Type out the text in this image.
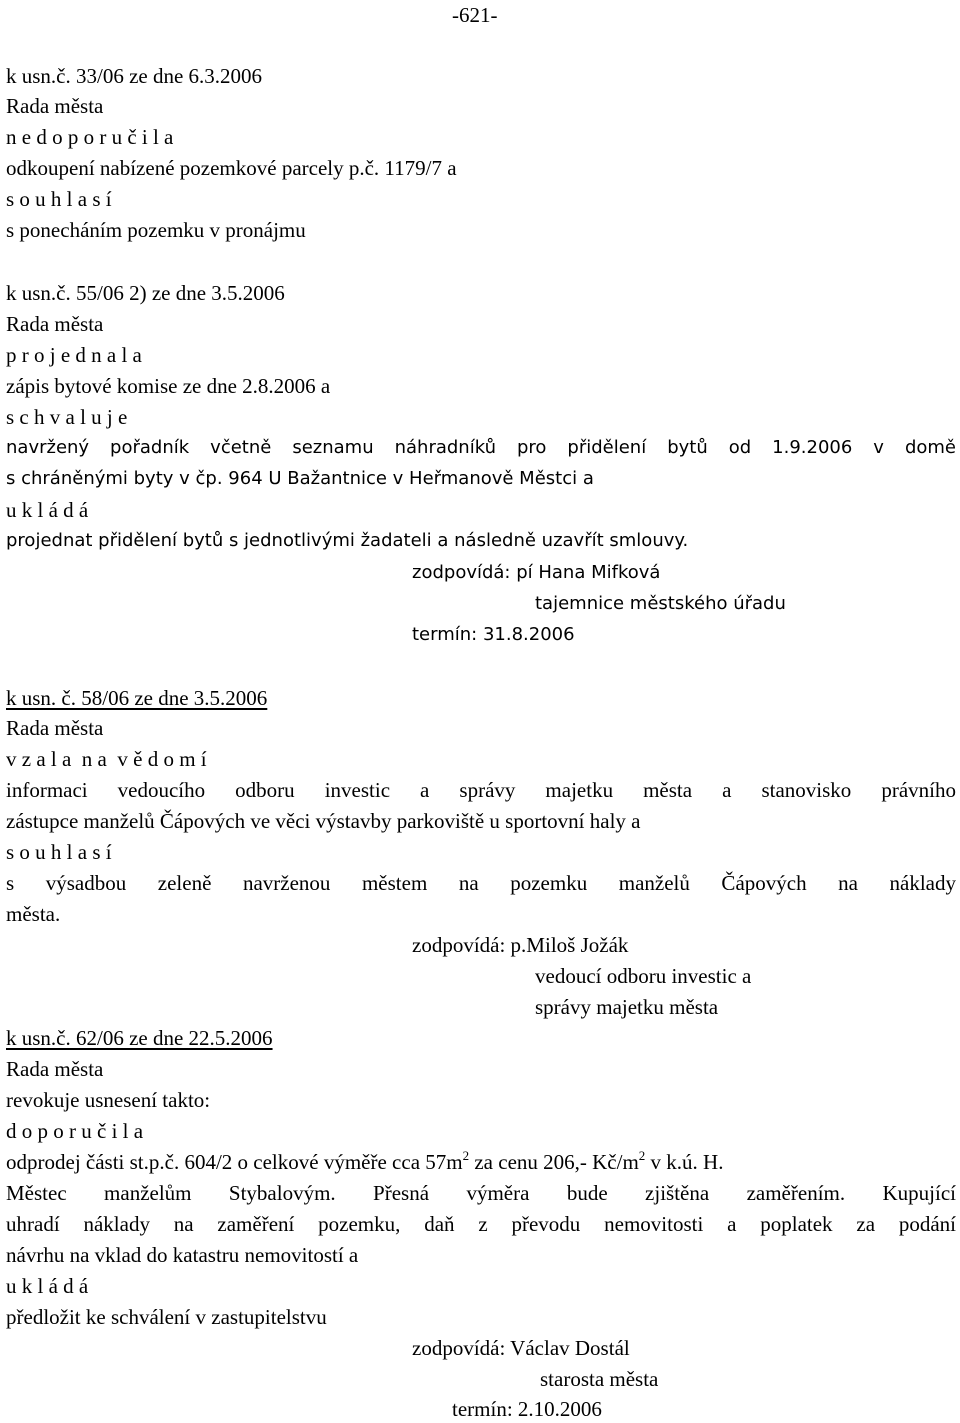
-621-
k usn.č. 33/06 ze dne 6.3.2006
Rada města
n e d o p o r u č i l a
odkoupení nabízené pozemkové parcely p.č. 1179/7 a
s o u h l a s í
s ponecháním pozemku v pronájmu
k usn.č. 55/06 2) ze dne 3.5.2006
Rada města
p r o j e d n a l a
zápis bytové komise ze dne 2.8.2006 a
s c h v a l u j e
navržený pořadník včetně seznamu náhradníků pro přidělení bytů od 1.9.2006 v domě
s chráněnými byty v čp. 964 U Bažantnice v Heřmanově Městci a
u k l á d á
projednat přidělení bytů s jednotlivými žadateli a následně uzavřít smlouvy.
zodpovídá: pí Hana Mifková
tajemnice městského úřadu
termín: 31.8.2006
k usn. č. 58/06 ze dne 3.5.2006
Rada města
v z a l a  n a  v ě d o m í
informaci vedoucího odboru investic a správy majetku města a stanovisko právního
zástupce manželů Čápových ve věci výstavby parkoviště u sportovní haly a
s o u h l a s í
s výsadbou zeleně navrženou městem na pozemku manželů Čápových na náklady
města.
zodpovídá: p.Miloš Jožák
vedoucí odboru investic a
správy majetku města
k usn.č. 62/06 ze dne 22.5.2006
Rada města
revokuje usnesení takto:
d o p o r u č i l a
odprodej části st.p.č. 604/2 o celkové výměře cca $57m^2$ za cenu 206,- $Kč/m^2$ v k.ú. H.
Městec manželům Stybalovým. Přesná výměra bude zjištěna zaměřením. Kupující
uhradí náklady na zaměření pozemku, daň z převodu nemovitosti a poplatek za podání
návrhu na vklad do katastru nemovitostí a
u k l á d á
předložit ke schválení v zastupitelstvu
zodpovídá: Václav Dostál
starosta města
termín: 2.10.2006
